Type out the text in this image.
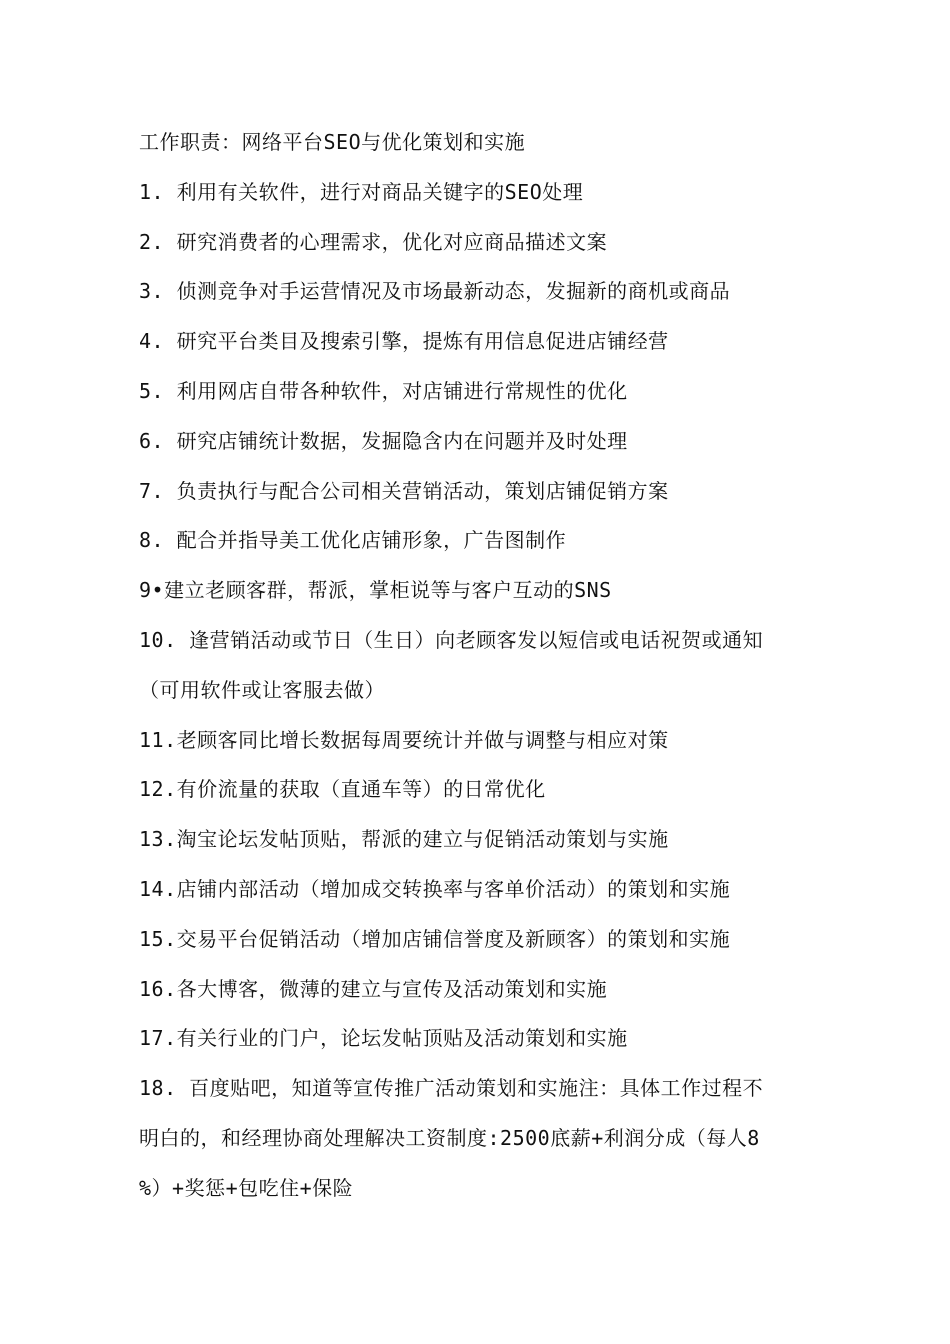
工作职责：网络平台SEO与优化策划和实施
1. 利用有关软件，进行对商品关键字的SEO处理
2. 研究消费者的心理需求，优化对应商品描述文案
3. 侦测竞争对手运营情况及市场最新动态，发掘新的商机或商品
4. 研究平台类目及搜索引擎，提炼有用信息促进店铺经营
5. 利用网店自带各种软件，对店铺进行常规性的优化
6. 研究店铺统计数据，发掘隐含内在问题并及时处理
7. 负责执行与配合公司相关营销活动，策划店铺促销方案
8. 配合并指导美工优化店铺形象，广告图制作
9•建立老顾客群，帮派，掌柜说等与客户互动的SNS
10. 逢营销活动或节日（生日）向老顾客发以短信或电话祝贺或通知
（可用软件或让客服去做）
11.老顾客同比增长数据每周要统计并做与调整与相应对策
12.有价流量的获取（直通车等）的日常优化
13.淘宝论坛发帖顶贴，帮派的建立与促销活动策划与实施
14.店铺内部活动（增加成交转换率与客单价活动）的策划和实施
15.交易平台促销活动（增加店铺信誉度及新顾客）的策划和实施
16.各大博客，微薄的建立与宣传及活动策划和实施
17.有关行业的门户，论坛发帖顶贴及活动策划和实施
18. 百度贴吧，知道等宣传推广活动策划和实施注：具体工作过程不
明白的，和经理协商处理解决工资制度:2500底薪+利润分成（每人8
%）+奖惩+包吃住+保险
